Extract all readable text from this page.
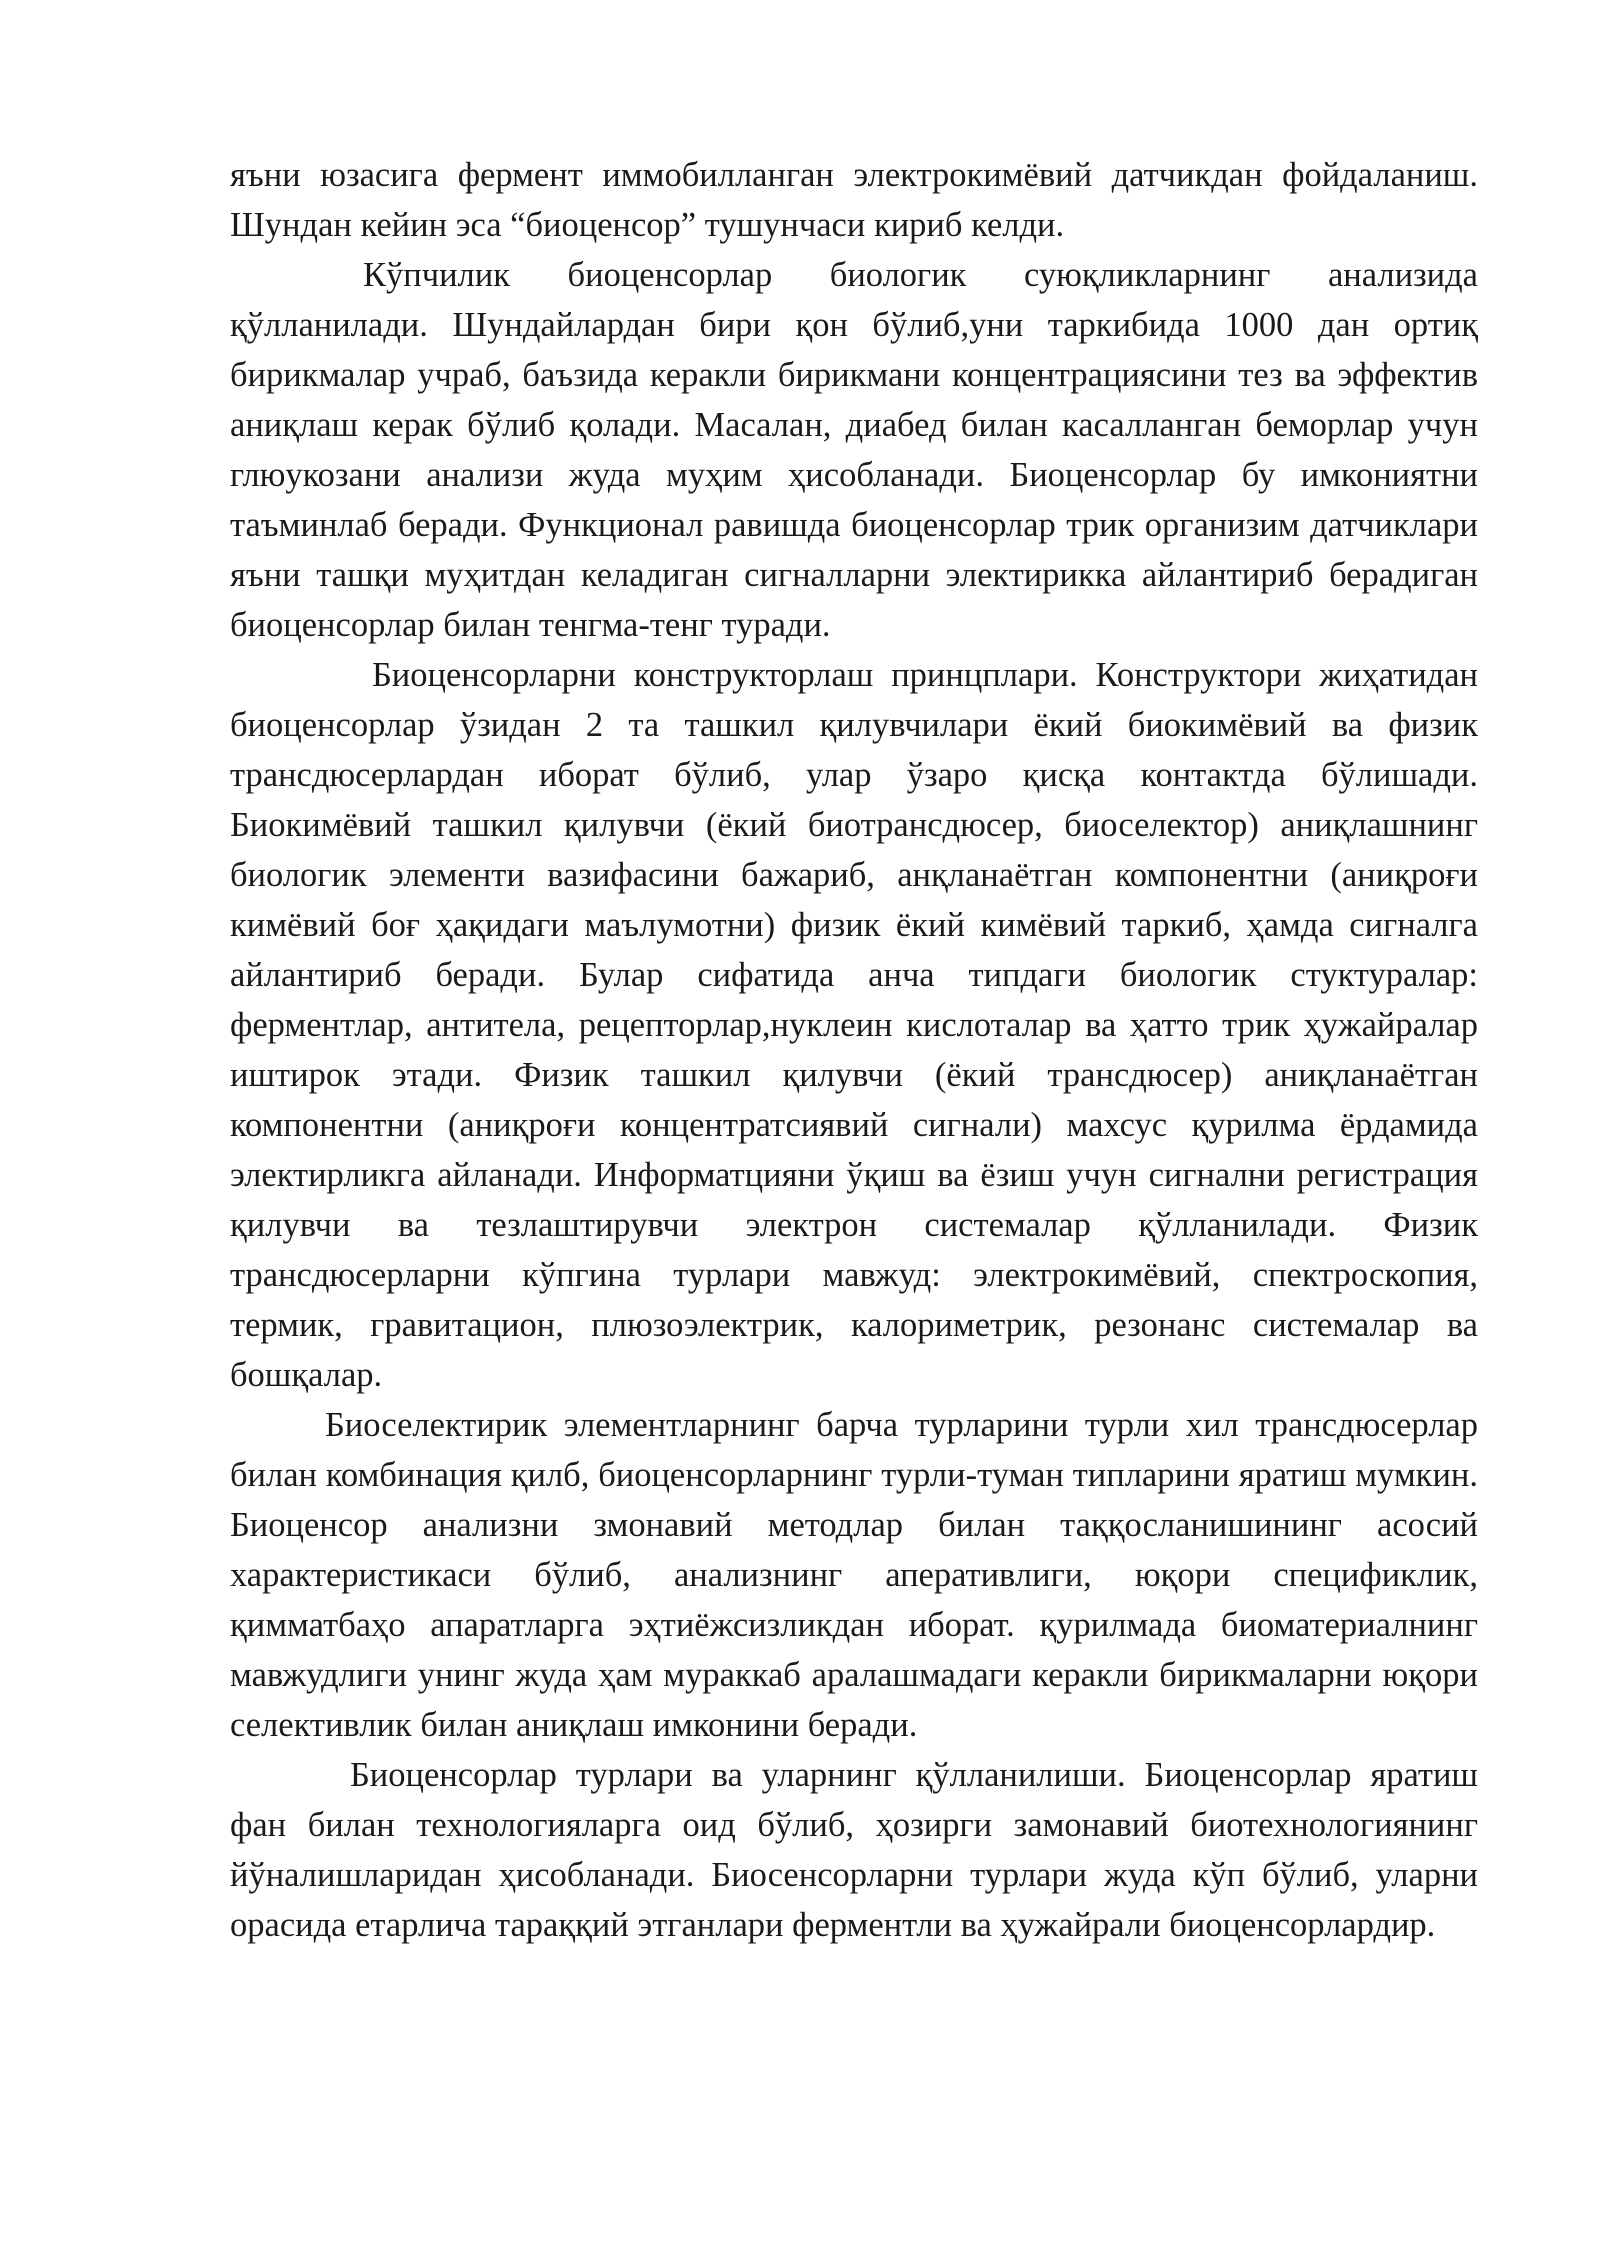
яъни юзасига фермент иммобилланган электрокимёвий датчикдан фойдаланиш. Шундан кейин эса “биоценсор” тушунчаси кириб келди.

Кўпчилик биоценсорлар биологик суюқликларнинг анализида қўлланилади. Шундайлардан бири қон бўлиб,уни таркибида 1000 дан ортиқ бирикмалар учраб, баъзида керакли бирикмани концентрациясини тез ва эффектив аниқлаш керак бўлиб қолади. Масалан, диабед билан касалланган беморлар учун глюукозани анализи жуда муҳим ҳисобланади. Биоценсорлар бу имкониятни таъминлаб беради. Функционал равишда биоценсорлар трик организим датчиклари яъни ташқи муҳитдан келадиган сигналларни электирикка айлантириб берадиган биоценсорлар билан тенгма-тенг туради.

Биоценсорларни конструкторлаш принцплари. Конструктори жиҳатидан биоценсорлар ўзидан 2 та ташкил қилувчилари ёкий биокимёвий ва физик трансдюсерлардан иборат бўлиб, улар ўзаро қисқа контактда бўлишади. Биокимёвий ташкил қилувчи (ёкий биотрансдюсер, биоселектор) аниқлашнинг биологик элементи вазифасини бажариб, анқланаётган компонентни (аниқроғи кимёвий боғ ҳақидаги маълумотни) физик ёкий кимёвий таркиб, ҳамда сигналга айлантириб беради. Булар сифатида анча типдаги биологик стуктуралар: ферментлар, антитела, рецепторлар,нуклеин кислоталар ва ҳатто трик ҳужайралар иштирок этади. Физик ташкил қилувчи (ёкий трансдюсер) аниқланаётган компонентни (аниқроғи концентратсиявий сигнали) махсус қурилма ёрдамида электирликга айланади. Информатцияни ўқиш ва ёзиш учун сигнални регистрация қилувчи ва тезлаштирувчи электрон системалар қўлланилади. Физик трансдюсерларни кўпгина турлари мавжуд: электрокимёвий, спектроскопия, термик, гравитацион, плюзоэлектрик, калориметрик, резонанс системалар ва бошқалар.

Биоселектирик элементларнинг барча турларини турли хил трансдюсерлар билан комбинация қилб, биоценсорларнинг турли-туман типларини яратиш мумкин. Биоценсор анализни змонавий методлар билан таққосланишининг асосий характеристикаси бўлиб, анализнинг аперативлиги, юқори спецификлик, қимматбаҳо апаратларга эҳтиёжсизликдан иборат. қурилмада биоматериалнинг мавжудлиги унинг жуда ҳам мураккаб аралашмадаги керакли бирикмаларни юқори селективлик билан аниқлаш имконини беради.

Биоценсорлар турлари ва уларнинг қўлланилиши. Биоценсорлар яратиш фан билан технологияларга оид бўлиб, ҳозирги замонавий биотехнологиянинг йўналишларидан ҳисобланади. Биосенсорларни турлари жуда кўп бўлиб, уларни орасида етарлича тараққий этганлари ферментли ва ҳужайрали биоценсорлардир.
